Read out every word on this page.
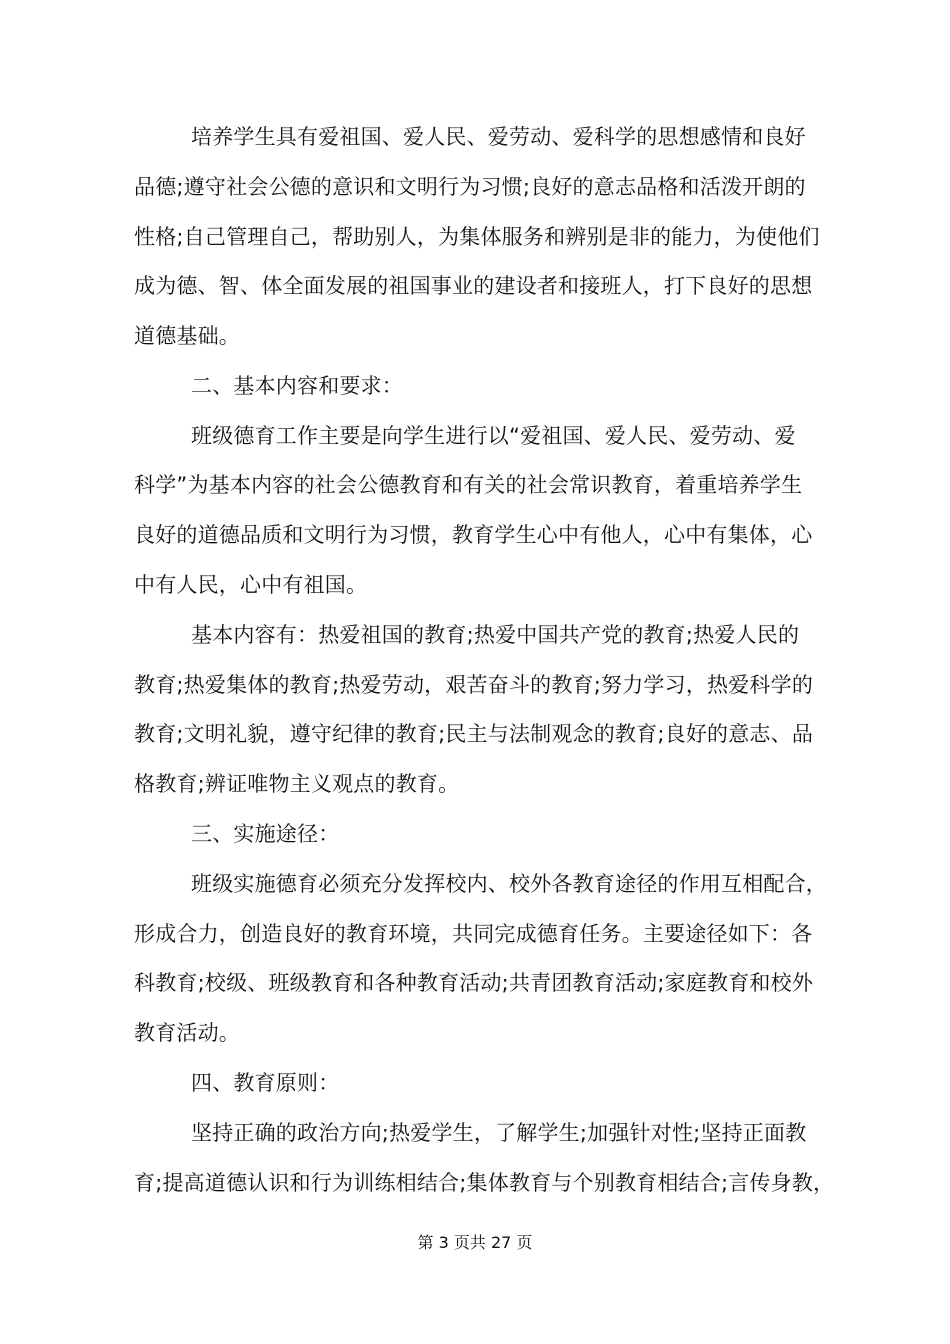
培养学生具有爱祖国、爱人民、爱劳动、爱科学的思想感情和良好
品德;遵守社会公德的意识和文明行为习惯;良好的意志品格和活泼开朗的
性格;自己管理自己，帮助别人，为集体服务和辨别是非的能力，为使他们
成为德、智、体全面发展的祖国事业的建设者和接班人，打下良好的思想
道德基础。
二、基本内容和要求：
班级德育工作主要是向学生进行以“爱祖国、爱人民、爱劳动、爱
科学”为基本内容的社会公德教育和有关的社会常识教育，着重培养学生
良好的道德品质和文明行为习惯，教育学生心中有他人，心中有集体，心
中有人民，心中有祖国。
基本内容有：热爱祖国的教育;热爱中国共产党的教育;热爱人民的
教育;热爱集体的教育;热爱劳动，艰苦奋斗的教育;努力学习，热爱科学的
教育;文明礼貌，遵守纪律的教育;民主与法制观念的教育;良好的意志、品
格教育;辨证唯物主义观点的教育。
三、实施途径：
班级实施德育必须充分发挥校内、校外各教育途径的作用互相配合，
形成合力，创造良好的教育环境，共同完成德育任务。主要途径如下：各
科教育;校级、班级教育和各种教育活动;共青团教育活动;家庭教育和校外
教育活动。
四、教育原则：
坚持正确的政治方向;热爱学生，了解学生;加强针对性;坚持正面教
育;提高道德认识和行为训练相结合;集体教育与个别教育相结合;言传身教，
第 3 页共 27 页
